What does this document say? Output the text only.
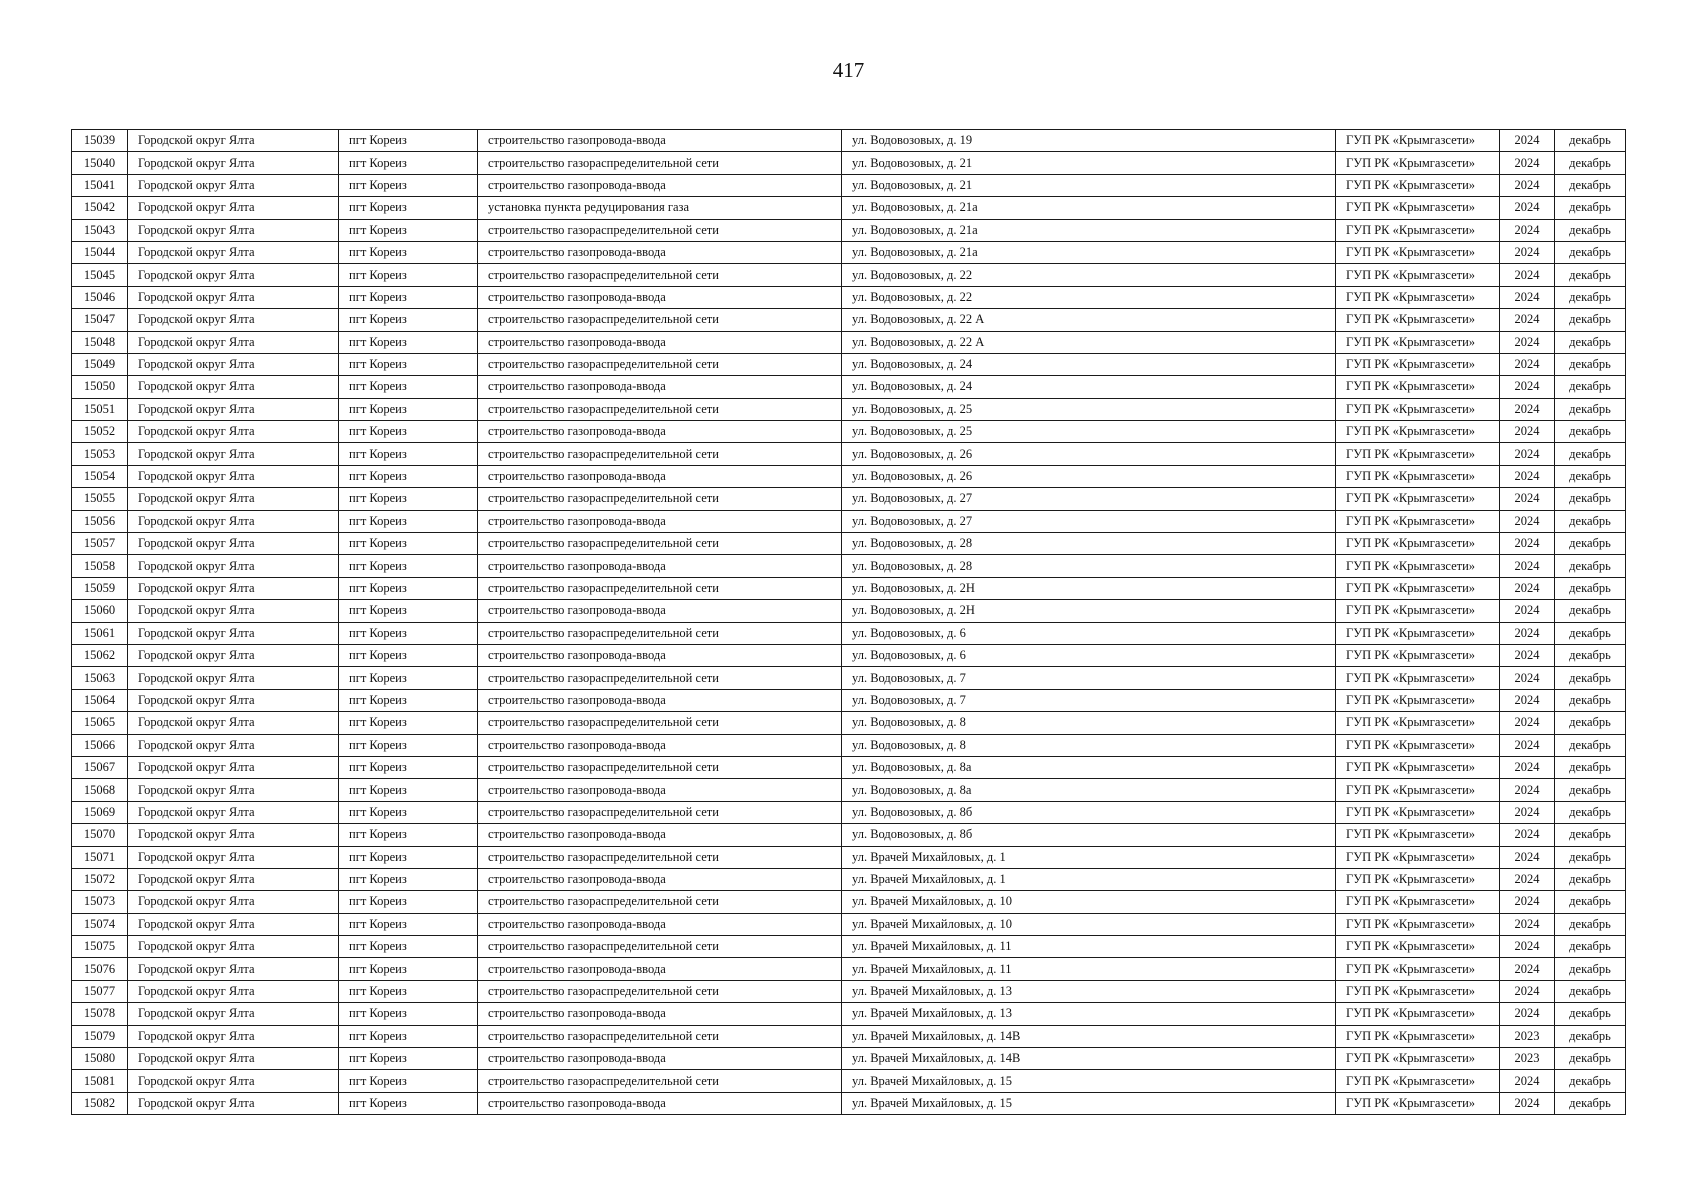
417
15039	Городской округ Ялта	пгт Кореиз	строительство газопровода-ввода	ул. Водовозовых, д. 19	ГУП РК «Крымгазсети»	2024	декабрь
15040	Городской округ Ялта	пгт Кореиз	строительство газораспределительной сети	ул. Водовозовых, д. 21	ГУП РК «Крымгазсети»	2024	декабрь
15041	Городской округ Ялта	пгт Кореиз	строительство газопровода-ввода	ул. Водовозовых, д. 21	ГУП РК «Крымгазсети»	2024	декабрь
15042	Городской округ Ялта	пгт Кореиз	установка пункта редуцирования газа	ул. Водовозовых, д. 21а	ГУП РК «Крымгазсети»	2024	декабрь
15043	Городской округ Ялта	пгт Кореиз	строительство газораспределительной сети	ул. Водовозовых, д. 21а	ГУП РК «Крымгазсети»	2024	декабрь
15044	Городской округ Ялта	пгт Кореиз	строительство газопровода-ввода	ул. Водовозовых, д. 21а	ГУП РК «Крымгазсети»	2024	декабрь
15045	Городской округ Ялта	пгт Кореиз	строительство газораспределительной сети	ул. Водовозовых, д. 22	ГУП РК «Крымгазсети»	2024	декабрь
15046	Городской округ Ялта	пгт Кореиз	строительство газопровода-ввода	ул. Водовозовых, д. 22	ГУП РК «Крымгазсети»	2024	декабрь
15047	Городской округ Ялта	пгт Кореиз	строительство газораспределительной сети	ул. Водовозовых, д. 22 А	ГУП РК «Крымгазсети»	2024	декабрь
15048	Городской округ Ялта	пгт Кореиз	строительство газопровода-ввода	ул. Водовозовых, д. 22 А	ГУП РК «Крымгазсети»	2024	декабрь
15049	Городской округ Ялта	пгт Кореиз	строительство газораспределительной сети	ул. Водовозовых, д. 24	ГУП РК «Крымгазсети»	2024	декабрь
15050	Городской округ Ялта	пгт Кореиз	строительство газопровода-ввода	ул. Водовозовых, д. 24	ГУП РК «Крымгазсети»	2024	декабрь
15051	Городской округ Ялта	пгт Кореиз	строительство газораспределительной сети	ул. Водовозовых, д. 25	ГУП РК «Крымгазсети»	2024	декабрь
15052	Городской округ Ялта	пгт Кореиз	строительство газопровода-ввода	ул. Водовозовых, д. 25	ГУП РК «Крымгазсети»	2024	декабрь
15053	Городской округ Ялта	пгт Кореиз	строительство газораспределительной сети	ул. Водовозовых, д. 26	ГУП РК «Крымгазсети»	2024	декабрь
15054	Городской округ Ялта	пгт Кореиз	строительство газопровода-ввода	ул. Водовозовых, д. 26	ГУП РК «Крымгазсети»	2024	декабрь
15055	Городской округ Ялта	пгт Кореиз	строительство газораспределительной сети	ул. Водовозовых, д. 27	ГУП РК «Крымгазсети»	2024	декабрь
15056	Городской округ Ялта	пгт Кореиз	строительство газопровода-ввода	ул. Водовозовых, д. 27	ГУП РК «Крымгазсети»	2024	декабрь
15057	Городской округ Ялта	пгт Кореиз	строительство газораспределительной сети	ул. Водовозовых, д. 28	ГУП РК «Крымгазсети»	2024	декабрь
15058	Городской округ Ялта	пгт Кореиз	строительство газопровода-ввода	ул. Водовозовых, д. 28	ГУП РК «Крымгазсети»	2024	декабрь
15059	Городской округ Ялта	пгт Кореиз	строительство газораспределительной сети	ул. Водовозовых, д. 2Н	ГУП РК «Крымгазсети»	2024	декабрь
15060	Городской округ Ялта	пгт Кореиз	строительство газопровода-ввода	ул. Водовозовых, д. 2Н	ГУП РК «Крымгазсети»	2024	декабрь
15061	Городской округ Ялта	пгт Кореиз	строительство газораспределительной сети	ул. Водовозовых, д. 6	ГУП РК «Крымгазсети»	2024	декабрь
15062	Городской округ Ялта	пгт Кореиз	строительство газопровода-ввода	ул. Водовозовых, д. 6	ГУП РК «Крымгазсети»	2024	декабрь
15063	Городской округ Ялта	пгт Кореиз	строительство газораспределительной сети	ул. Водовозовых, д. 7	ГУП РК «Крымгазсети»	2024	декабрь
15064	Городской округ Ялта	пгт Кореиз	строительство газопровода-ввода	ул. Водовозовых, д. 7	ГУП РК «Крымгазсети»	2024	декабрь
15065	Городской округ Ялта	пгт Кореиз	строительство газораспределительной сети	ул. Водовозовых, д. 8	ГУП РК «Крымгазсети»	2024	декабрь
15066	Городской округ Ялта	пгт Кореиз	строительство газопровода-ввода	ул. Водовозовых, д. 8	ГУП РК «Крымгазсети»	2024	декабрь
15067	Городской округ Ялта	пгт Кореиз	строительство газораспределительной сети	ул. Водовозовых, д. 8а	ГУП РК «Крымгазсети»	2024	декабрь
15068	Городской округ Ялта	пгт Кореиз	строительство газопровода-ввода	ул. Водовозовых, д. 8а	ГУП РК «Крымгазсети»	2024	декабрь
15069	Городской округ Ялта	пгт Кореиз	строительство газораспределительной сети	ул. Водовозовых, д. 8б	ГУП РК «Крымгазсети»	2024	декабрь
15070	Городской округ Ялта	пгт Кореиз	строительство газопровода-ввода	ул. Водовозовых, д. 8б	ГУП РК «Крымгазсети»	2024	декабрь
15071	Городской округ Ялта	пгт Кореиз	строительство газораспределительной сети	ул. Врачей Михайловых, д. 1	ГУП РК «Крымгазсети»	2024	декабрь
15072	Городской округ Ялта	пгт Кореиз	строительство газопровода-ввода	ул. Врачей Михайловых, д. 1	ГУП РК «Крымгазсети»	2024	декабрь
15073	Городской округ Ялта	пгт Кореиз	строительство газораспределительной сети	ул. Врачей Михайловых, д. 10	ГУП РК «Крымгазсети»	2024	декабрь
15074	Городской округ Ялта	пгт Кореиз	строительство газопровода-ввода	ул. Врачей Михайловых, д. 10	ГУП РК «Крымгазсети»	2024	декабрь
15075	Городской округ Ялта	пгт Кореиз	строительство газораспределительной сети	ул. Врачей Михайловых, д. 11	ГУП РК «Крымгазсети»	2024	декабрь
15076	Городской округ Ялта	пгт Кореиз	строительство газопровода-ввода	ул. Врачей Михайловых, д. 11	ГУП РК «Крымгазсети»	2024	декабрь
15077	Городской округ Ялта	пгт Кореиз	строительство газораспределительной сети	ул. Врачей Михайловых, д. 13	ГУП РК «Крымгазсети»	2024	декабрь
15078	Городской округ Ялта	пгт Кореиз	строительство газопровода-ввода	ул. Врачей Михайловых, д. 13	ГУП РК «Крымгазсети»	2024	декабрь
15079	Городской округ Ялта	пгт Кореиз	строительство газораспределительной сети	ул. Врачей Михайловых, д. 14В	ГУП РК «Крымгазсети»	2023	декабрь
15080	Городской округ Ялта	пгт Кореиз	строительство газопровода-ввода	ул. Врачей Михайловых, д. 14В	ГУП РК «Крымгазсети»	2023	декабрь
15081	Городской округ Ялта	пгт Кореиз	строительство газораспределительной сети	ул. Врачей Михайловых, д. 15	ГУП РК «Крымгазсети»	2024	декабрь
15082	Городской округ Ялта	пгт Кореиз	строительство газопровода-ввода	ул. Врачей Михайловых, д. 15	ГУП РК «Крымгазсети»	2024	декабрь
